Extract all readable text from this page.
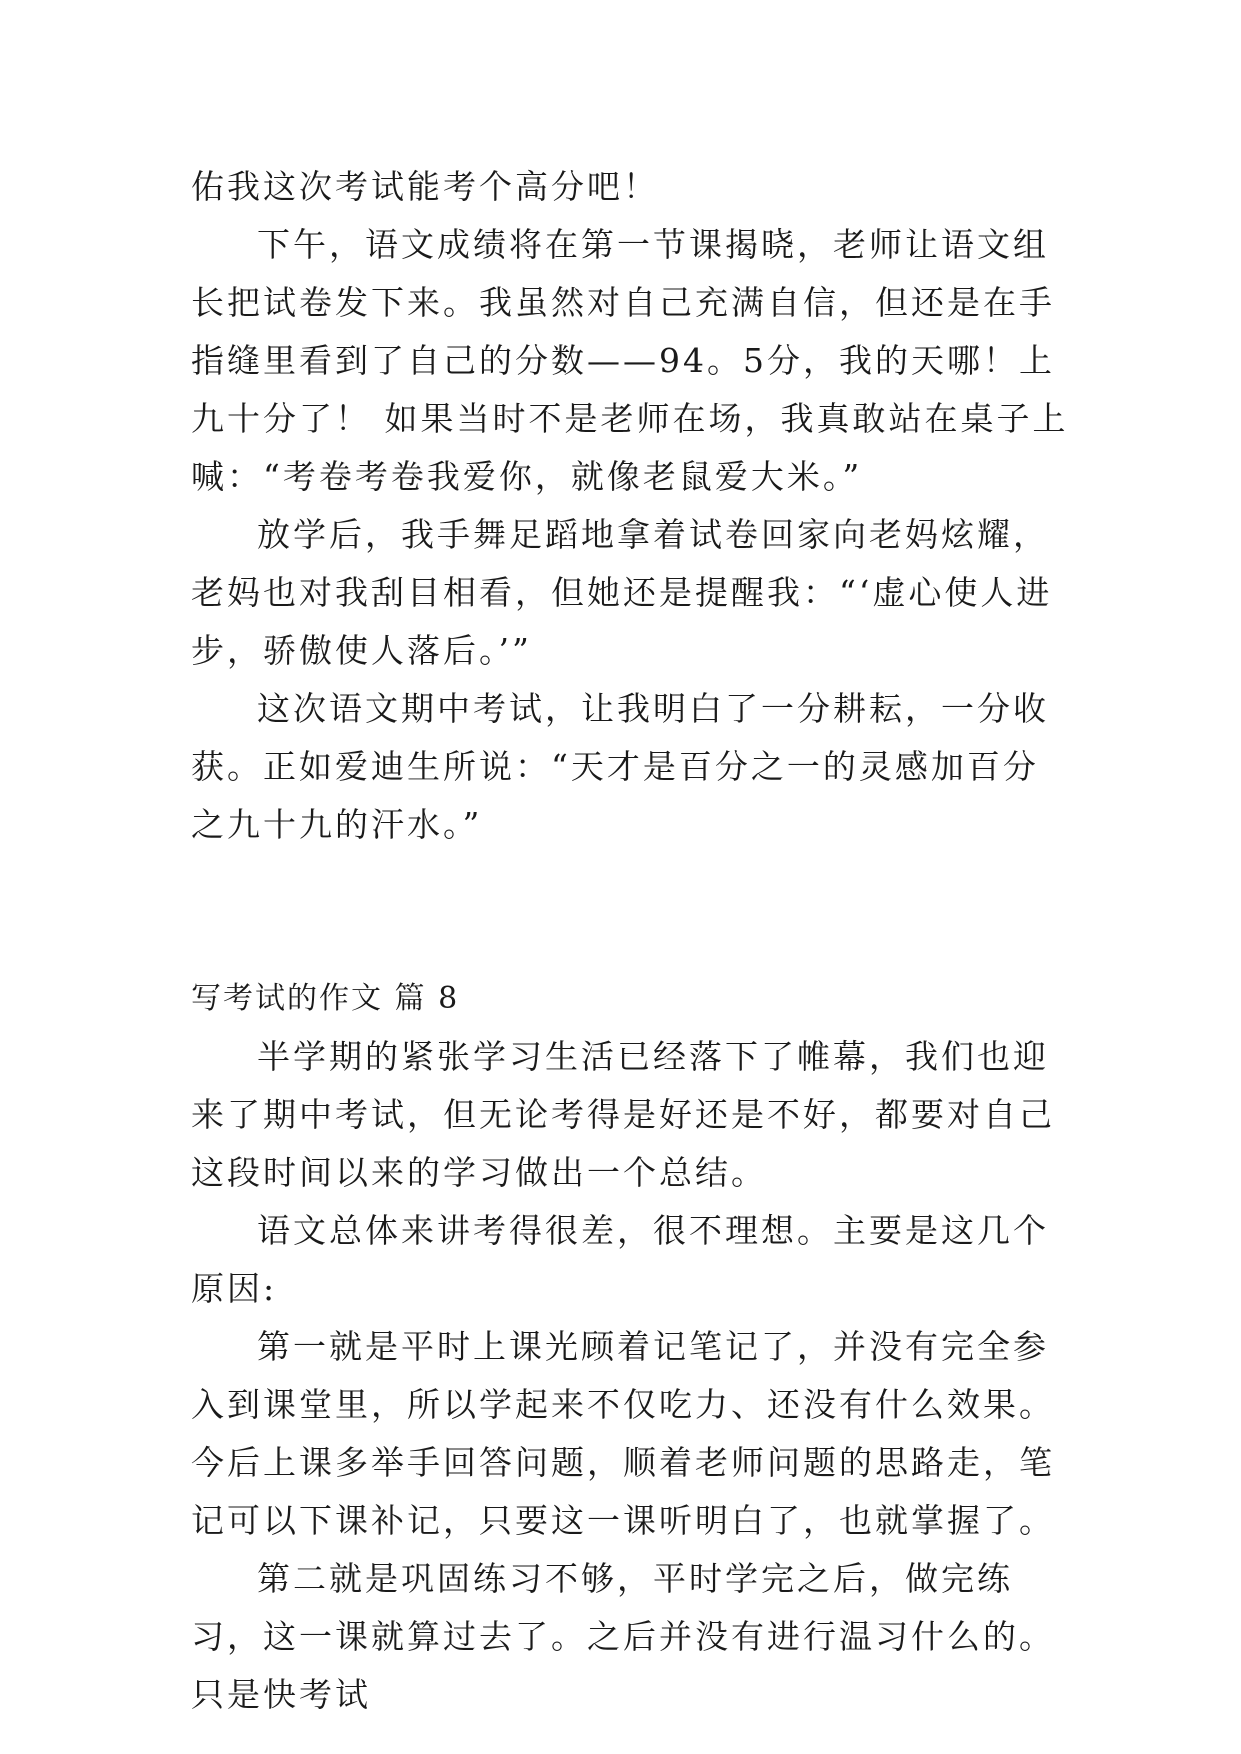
佑我这次考试能考个高分吧！

下午，语文成绩将在第一节课揭晓，老师让语文组长把试卷发下来。我虽然对自己充满自信，但还是在手指缝里看到了自己的分数——94。5分，我的天哪！上九十分了！ 如果当时不是老师在场，我真敢站在桌子上喊：“考卷考卷我爱你，就像老鼠爱大米。”

放学后，我手舞足蹈地拿着试卷回家向老妈炫耀，老妈也对我刮目相看，但她还是提醒我：“‘虚心使人进步，骄傲使人落后。’”

这次语文期中考试，让我明白了一分耕耘，一分收获。正如爱迪生所说：“天才是百分之一的灵感加百分之九十九的汗水。”

写考试的作文 篇 8

半学期的紧张学习生活已经落下了帷幕，我们也迎来了期中考试，但无论考得是好还是不好，都要对自己这段时间以来的学习做出一个总结。

语文总体来讲考得很差，很不理想。主要是这几个原因:

第一就是平时上课光顾着记笔记了，并没有完全参入到课堂里，所以学起来不仅吃力、还没有什么效果。今后上课多举手回答问题，顺着老师问题的思路走，笔记可以下课补记，只要这一课听明白了，也就掌握了。

第二就是巩固练习不够，平时学完之后，做完练习，这一课就算过去了。之后并没有进行温习什么的。只是快考试
